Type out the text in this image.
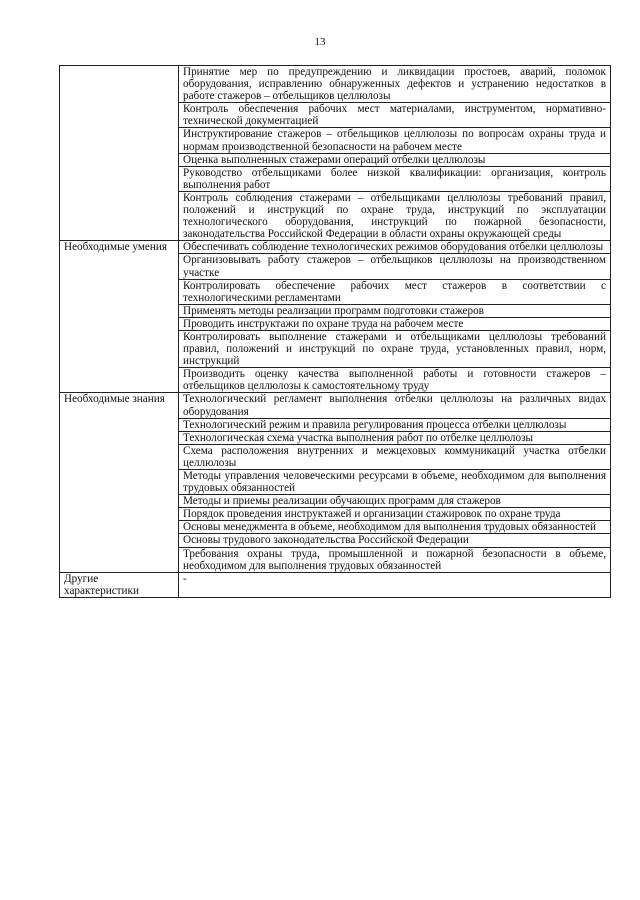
13
	Принятие мер по предупреждению и ликвидации простоев, аварий, поломок оборудования, исправлению обнаруженных дефектов и устранению недостатков в работе стажеров – отбельщиков целлюлозы
	Контроль обеспечения рабочих мест материалами, инструментом, нормативно-технической документацией
	Инструктирование стажеров – отбельщиков целлюлозы по вопросам охраны труда и нормам производственной безопасности на рабочем месте
	Оценка выполненных стажерами операций отбелки целлюлозы
	Руководство отбельщиками более низкой квалификации: организация, контроль выполнения работ
	Контроль соблюдения стажерами – отбельщиками целлюлозы требований правил, положений и инструкций по охране труда, инструкций по эксплуатации технологического оборудования, инструкций по пожарной безопасности, законодательства Российской Федерации в области охраны окружающей среды
Необходимые умения	Обеспечивать соблюдение технологических режимов оборудования отбелки целлюлозы
	Организовывать работу стажеров – отбельщиков целлюлозы на производственном участке
	Контролировать обеспечение рабочих мест стажеров в соответствии с технологическими регламентами
	Применять методы реализации программ подготовки стажеров
	Проводить инструктажи по охране труда на рабочем месте
	Контролировать выполнение стажерами и отбельщиками целлюлозы требований правил, положений и инструкций по охране труда, установленных правил, норм, инструкций
	Производить оценку качества выполненной работы и готовности стажеров – отбельщиков целлюлозы к самостоятельному труду
Необходимые знания	Технологический регламент выполнения отбелки целлюлозы на различных видах оборудования
	Технологический режим и правила регулирования процесса отбелки целлюлозы
	Технологическая схема участка выполнения работ по отбелке целлюлозы
	Схема расположения внутренних и межцеховых коммуникаций участка отбелки целлюлозы
	Методы управления человеческими ресурсами в объеме, необходимом для выполнения трудовых обязанностей
	Методы и приемы реализации обучающих программ для стажеров
	Порядок проведения инструктажей и организации стажировок по охране труда
	Основы менеджмента в объеме, необходимом для выполнения трудовых обязанностей
	Основы трудового законодательства Российской Федерации
	Требования охраны труда, промышленной и пожарной безопасности в объеме, необходимом для выполнения трудовых обязанностей
Другие характеристики	-
